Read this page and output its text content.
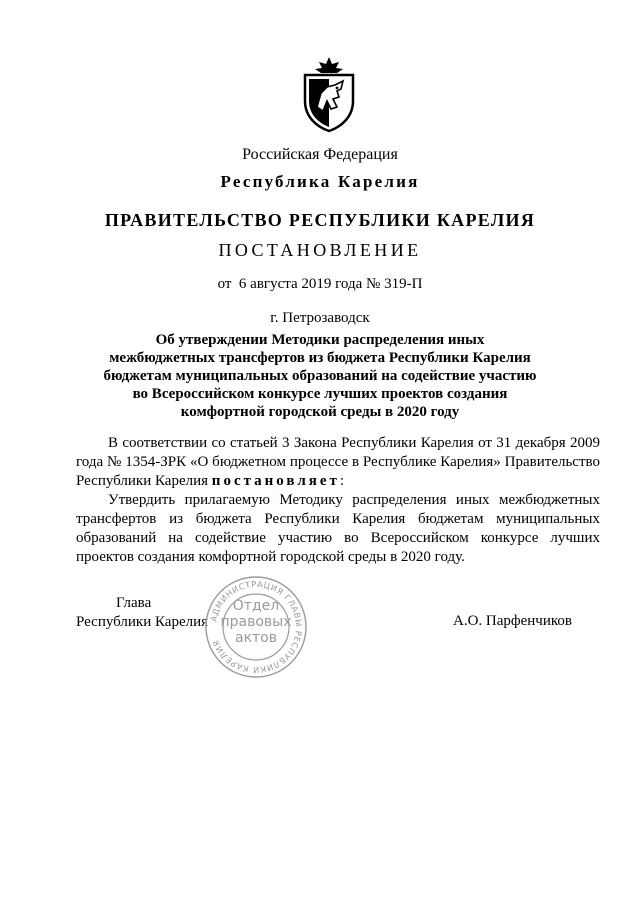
Российская Федерация
Республика Карелия
ПРАВИТЕЛЬСТВО РЕСПУБЛИКИ КАРЕЛИЯ
ПОСТАНОВЛЕНИЕ
от  6 августа 2019 года № 319-П
г. Петрозаводск
Об утверждении Методики распределения иных
межбюджетных трансфертов из бюджета Республики Карелия
бюджетам муниципальных образований на содействие участию
во Всероссийском конкурсе лучших проектов создания
комфортной городской среды в 2020 году

В соответствии со статьей 3 Закона Республики Карелия от 31 декабря 2009 года № 1354-ЗРК «О бюджетном процессе в Республике Карелия» Правительство Республики Карелия постановляет:

Утвердить прилагаемую Методику распределения иных межбюджетных трансфертов из бюджета Республики Карелия бюджетам муниципальных образований на содействие участию во Всероссийском конкурсе лучших проектов создания комфортной городской среды в 2020 году.

Глава
Республики Карелия АДМИНИСТРАЦИЯ ГЛАВЫ РЕСПУБЛИКИ КАРЕЛИЯ
Отдел
правовых
актов
А.О. Парфенчиков
